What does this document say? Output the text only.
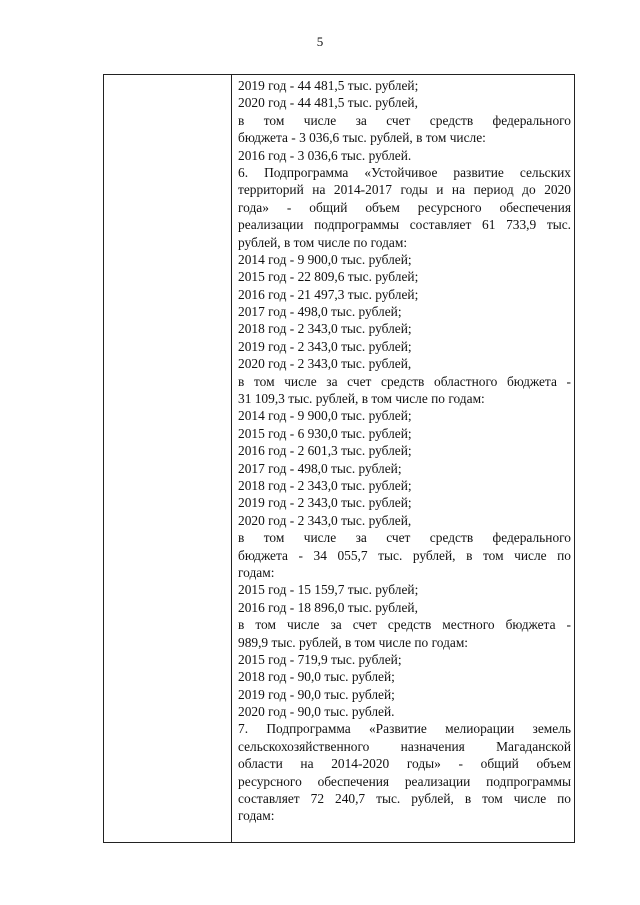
5
2019 год - 44 481,5 тыс. рублей;
2020 год - 44 481,5 тыс. рублей,
в том числе за счет средств федерального
бюджета - 3 036,6 тыс. рублей, в том числе:
2016 год - 3 036,6 тыс. рублей.
6. Подпрограмма «Устойчивое развитие сельских
территорий на 2014-2017 годы и на период до 2020
года» - общий объем ресурсного обеспечения
реализации подпрограммы составляет 61 733,9 тыс.
рублей, в том числе по годам:
2014 год - 9 900,0 тыс. рублей;
2015 год - 22 809,6 тыс. рублей;
2016 год - 21 497,3 тыс. рублей;
2017 год - 498,0 тыс. рублей;
2018 год - 2 343,0 тыс. рублей;
2019 год - 2 343,0 тыс. рублей;
2020 год - 2 343,0 тыс. рублей,
в том числе за счет средств областного бюджета -
31 109,3 тыс. рублей, в том числе по годам:
2014 год - 9 900,0 тыс. рублей;
2015 год - 6 930,0 тыс. рублей;
2016 год - 2 601,3 тыс. рублей;
2017 год - 498,0 тыс. рублей;
2018 год - 2 343,0 тыс. рублей;
2019 год - 2 343,0 тыс. рублей;
2020 год - 2 343,0 тыс. рублей,
в том числе за счет средств федерального
бюджета - 34 055,7 тыс. рублей, в том числе по
годам:
2015 год - 15 159,7 тыс. рублей;
2016 год - 18 896,0 тыс. рублей,
в том числе за счет средств местного бюджета -
989,9 тыс. рублей, в том числе по годам:
2015 год - 719,9 тыс. рублей;
2018 год - 90,0 тыс. рублей;
2019 год - 90,0 тыс. рублей;
2020 год - 90,0 тыс. рублей.
7. Подпрограмма «Развитие мелиорации земель
сельскохозяйственного назначения Магаданской
области на 2014-2020 годы» - общий объем
ресурсного обеспечения реализации подпрограммы
составляет 72 240,7 тыс. рублей, в том числе по
годам:
